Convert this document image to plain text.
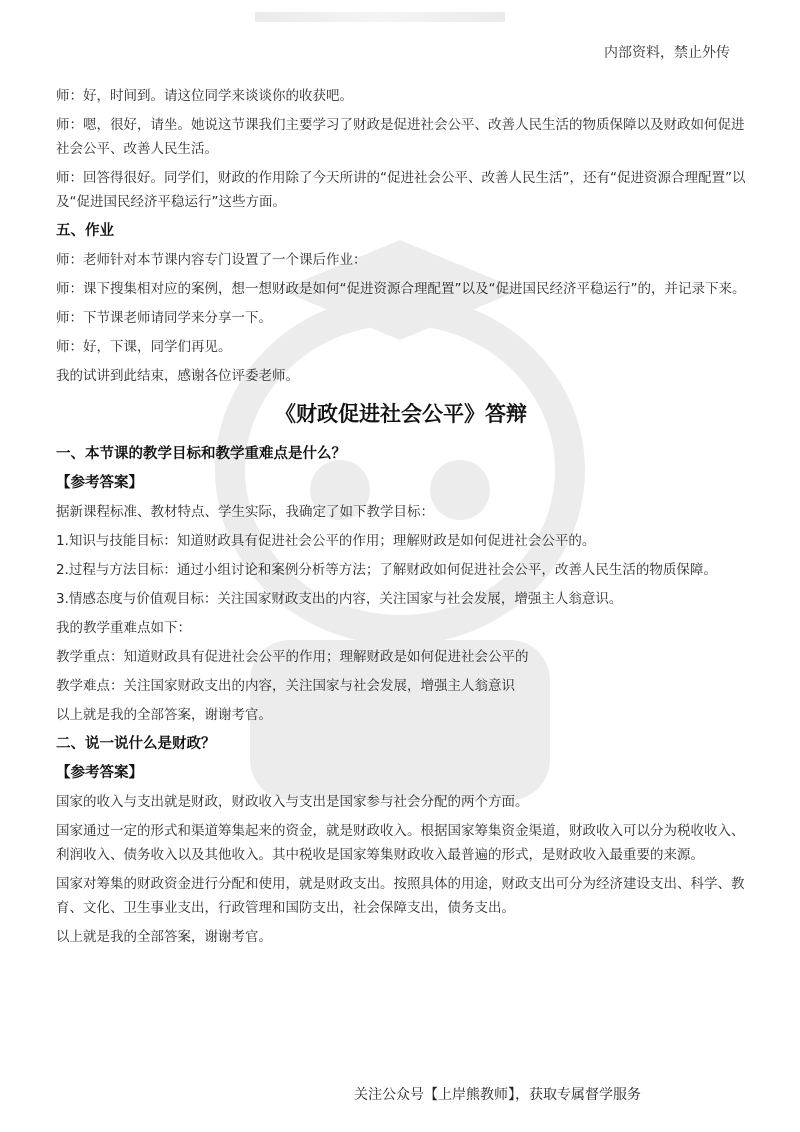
内部资料，禁止外传

师：好，时间到。请这位同学来谈谈你的收获吧。

师：嗯，很好，请坐。她说这节课我们主要学习了财政是促进社会公平、改善人民生活的物质保障以及财政如何促进社会公平、改善人民生活。

师：回答得很好。同学们，财政的作用除了今天所讲的“促进社会公平、改善人民生活”，还有“促进资源合理配置”以及“促进国民经济平稳运行”这些方面。

五、作业

师：老师针对本节课内容专门设置了一个课后作业：

师：课下搜集相对应的案例，想一想财政是如何“促进资源合理配置”以及“促进国民经济平稳运行”的，并记录下来。

师：下节课老师请同学来分享一下。

师：好，下课，同学们再见。

我的试讲到此结束，感谢各位评委老师。

《财政促进社会公平》答辩

一、本节课的教学目标和教学重难点是什么？

【参考答案】

据新课程标准、教材特点、学生实际，我确定了如下教学目标：

1.知识与技能目标：知道财政具有促进社会公平的作用；理解财政是如何促进社会公平的。

2.过程与方法目标：通过小组讨论和案例分析等方法；了解财政如何促进社会公平，改善人民生活的物质保障。

3.情感态度与价值观目标：关注国家财政支出的内容，关注国家与社会发展，增强主人翁意识。

我的教学重难点如下：

教学重点：知道财政具有促进社会公平的作用；理解财政是如何促进社会公平的

教学难点：关注国家财政支出的内容，关注国家与社会发展，增强主人翁意识

以上就是我的全部答案，谢谢考官。

二、说一说什么是财政？

【参考答案】

国家的收入与支出就是财政，财政收入与支出是国家参与社会分配的两个方面。

国家通过一定的形式和渠道筹集起来的资金，就是财政收入。根据国家筹集资金渠道，财政收入可以分为税收收入、利润收入、债务收入以及其他收入。其中税收是国家筹集财政收入最普遍的形式，是财政收入最重要的来源。

国家对筹集的财政资金进行分配和使用，就是财政支出。按照具体的用途，财政支出可分为经济建设支出、科学、教育、文化、卫生事业支出，行政管理和国防支出，社会保障支出，债务支出。

以上就是我的全部答案，谢谢考官。

关注公众号【上岸熊教师】，获取专属督学服务
